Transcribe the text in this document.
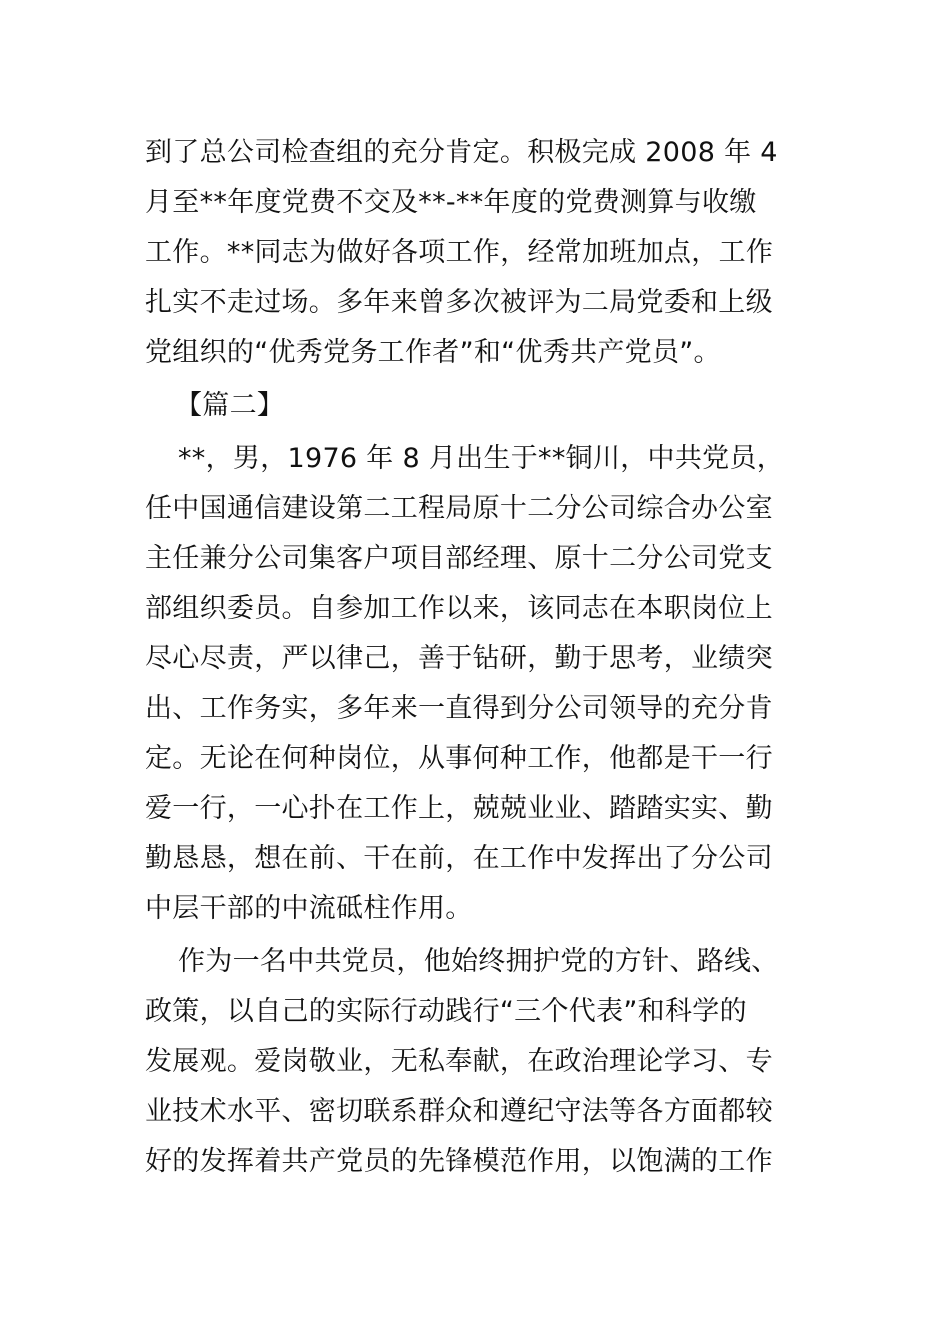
到了总公司检查组的充分肯定。积极完成 2008 年 4
月至**年度党费不交及**-**年度的党费测算与收缴
工作。**同志为做好各项工作，经常加班加点，工作
扎实不走过场。多年来曾多次被评为二局党委和上级
党组织的“优秀党务工作者”和“优秀共产党员”。
【篇二】
**，男，1976 年 8 月出生于**铜川，中共党员，
任中国通信建设第二工程局原十二分公司综合办公室
主任兼分公司集客户项目部经理、原十二分公司党支
部组织委员。自参加工作以来，该同志在本职岗位上
尽心尽责，严以律己，善于钻研，勤于思考，业绩突
出、工作务实，多年来一直得到分公司领导的充分肯
定。无论在何种岗位，从事何种工作，他都是干一行
爱一行，一心扑在工作上，兢兢业业、踏踏实实、勤
勤恳恳，想在前、干在前，在工作中发挥出了分公司
中层干部的中流砥柱作用。
作为一名中共党员，他始终拥护党的方针、路线、
政策，以自己的实际行动践行“三个代表”和科学的
发展观。爱岗敬业，无私奉献，在政治理论学习、专
业技术水平、密切联系群众和遵纪守法等各方面都较
好的发挥着共产党员的先锋模范作用，以饱满的工作
